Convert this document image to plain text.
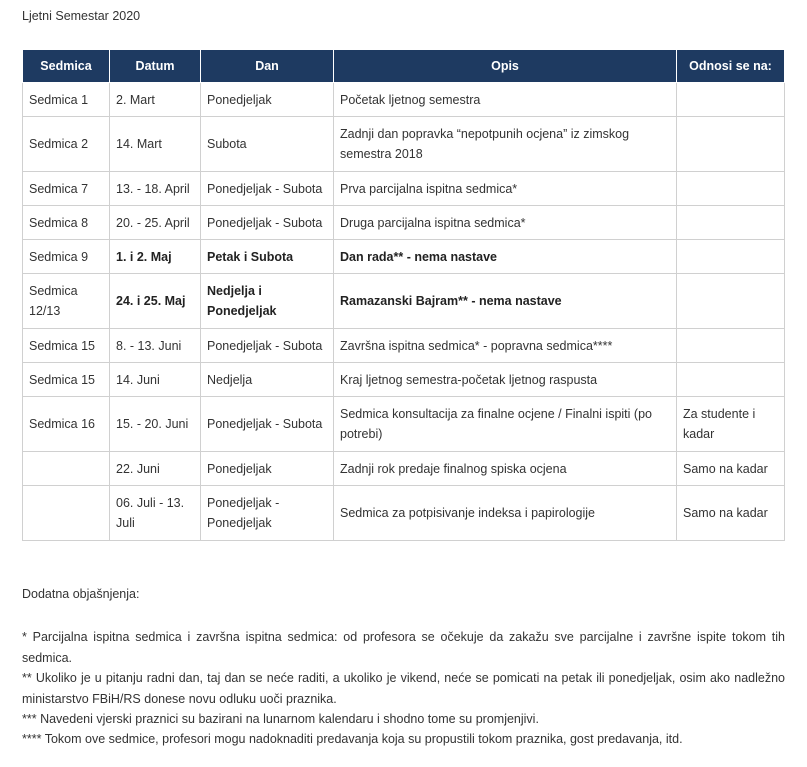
Ljetni Semestar 2020

Sedmica	Datum	Dan	Opis	Odnosi se na:
Sedmica 1	2. Mart	Ponedjeljak	Početak ljetnog semestra	
Sedmica 2	14. Mart	Subota	Zadnji dan popravka “nepotpunih ocjena” iz zimskog semestra 2018	
Sedmica 7	13. - 18. April	Ponedjeljak - Subota	Prva parcijalna ispitna sedmica*	
Sedmica 8	20. - 25. April	Ponedjeljak - Subota	Druga parcijalna ispitna sedmica*	
Sedmica 9	1. i 2. Maj	Petak i Subota	Dan rada** - nema nastave	
Sedmica 12/13	24. i 25. Maj	Nedjelja i Ponedjeljak	Ramazanski Bajram** - nema nastave	
Sedmica 15	8. - 13. Juni	Ponedjeljak - Subota	Završna ispitna sedmica* - popravna sedmica****	
Sedmica 15	14. Juni	Nedjelja	Kraj ljetnog semestra-početak ljetnog raspusta	
Sedmica 16	15. - 20. Juni	Ponedjeljak - Subota	Sedmica konsultacija za finalne ocjene / Finalni ispiti (po potrebi)	Za studente i kadar
	22. Juni	Ponedjeljak	Zadnji rok predaje finalnog spiska ocjena	Samo na kadar
	06. Juli - 13. Juli	Ponedjeljak - Ponedjeljak	Sedmica za potpisivanje indeksa i papirologije	Samo na kadar

Dodatna objašnjenja:

* Parcijalna ispitna sedmica i završna ispitna sedmica: od profesora se očekuje da zakažu sve parcijalne i završne ispite tokom tih sedmica.

** Ukoliko je u pitanju radni dan, taj dan se neće raditi, a ukoliko je vikend, neće se pomicati na petak ili ponedjeljak, osim ako nadležno ministarstvo FBiH/RS donese novu odluku uoči praznika.

*** Navedeni vjerski praznici su bazirani na lunarnom kalendaru i shodno tome su promjenjivi.

**** Tokom ove sedmice, profesori mogu nadoknaditi predavanja koja su propustili tokom praznika, gost predavanja, itd.
